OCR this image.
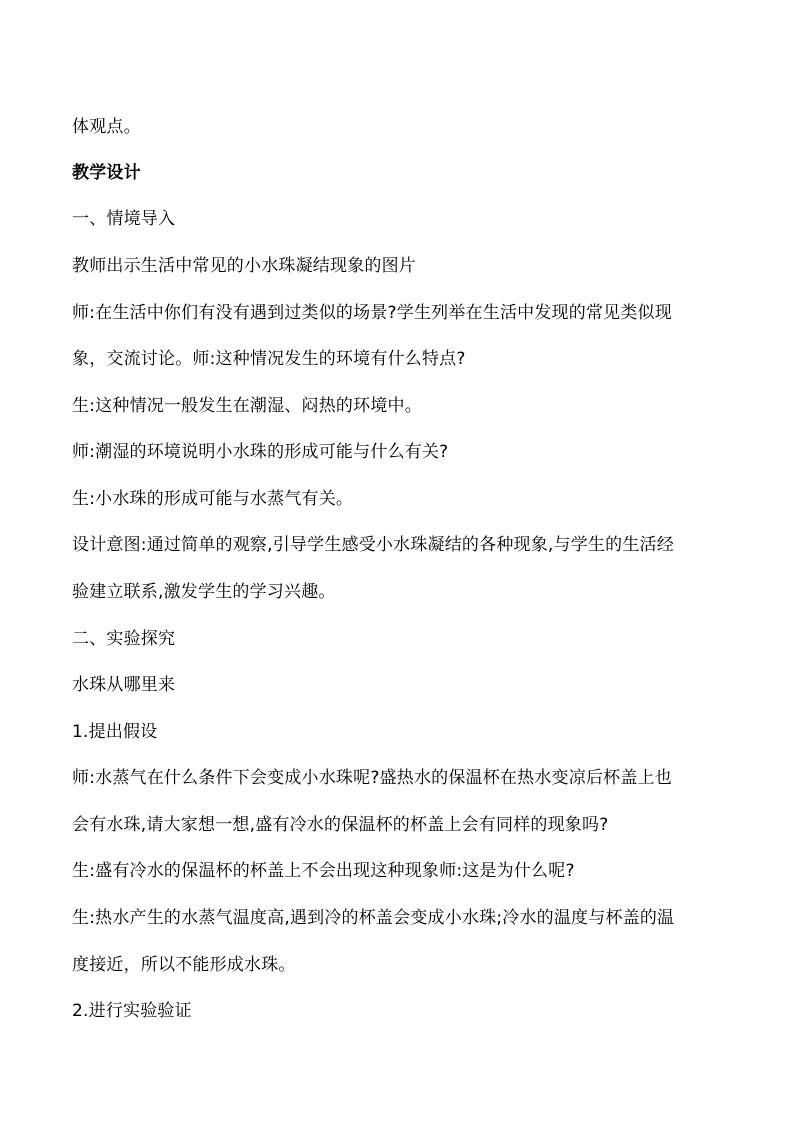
体观点。
教学设计
一、情境导入
教师出示生活中常见的小水珠凝结现象的图片
师:在生活中你们有没有遇到过类似的场景?学生列举在生活中发现的常见类似现
象，交流讨论。师:这种情况发生的环境有什么特点?
生:这种情况一般发生在潮湿、闷热的环境中。
师:潮湿的环境说明小水珠的形成可能与什么有关?
生:小水珠的形成可能与水蒸气有关。
设计意图:通过简单的观察,引导学生感受小水珠凝结的各种现象,与学生的生活经
验建立联系,激发学生的学习兴趣。
二、实验探究
水珠从哪里来
1.提出假设
师:水蒸气在什么条件下会变成小水珠呢?盛热水的保温杯在热水变凉后杯盖上也
会有水珠,请大家想一想,盛有冷水的保温杯的杯盖上会有同样的现象吗?
生:盛有冷水的保温杯的杯盖上不会出现这种现象师:这是为什么呢?
生:热水产生的水蒸气温度高,遇到冷的杯盖会变成小水珠;冷水的温度与杯盖的温
度接近，所以不能形成水珠。
2.进行实验验证
